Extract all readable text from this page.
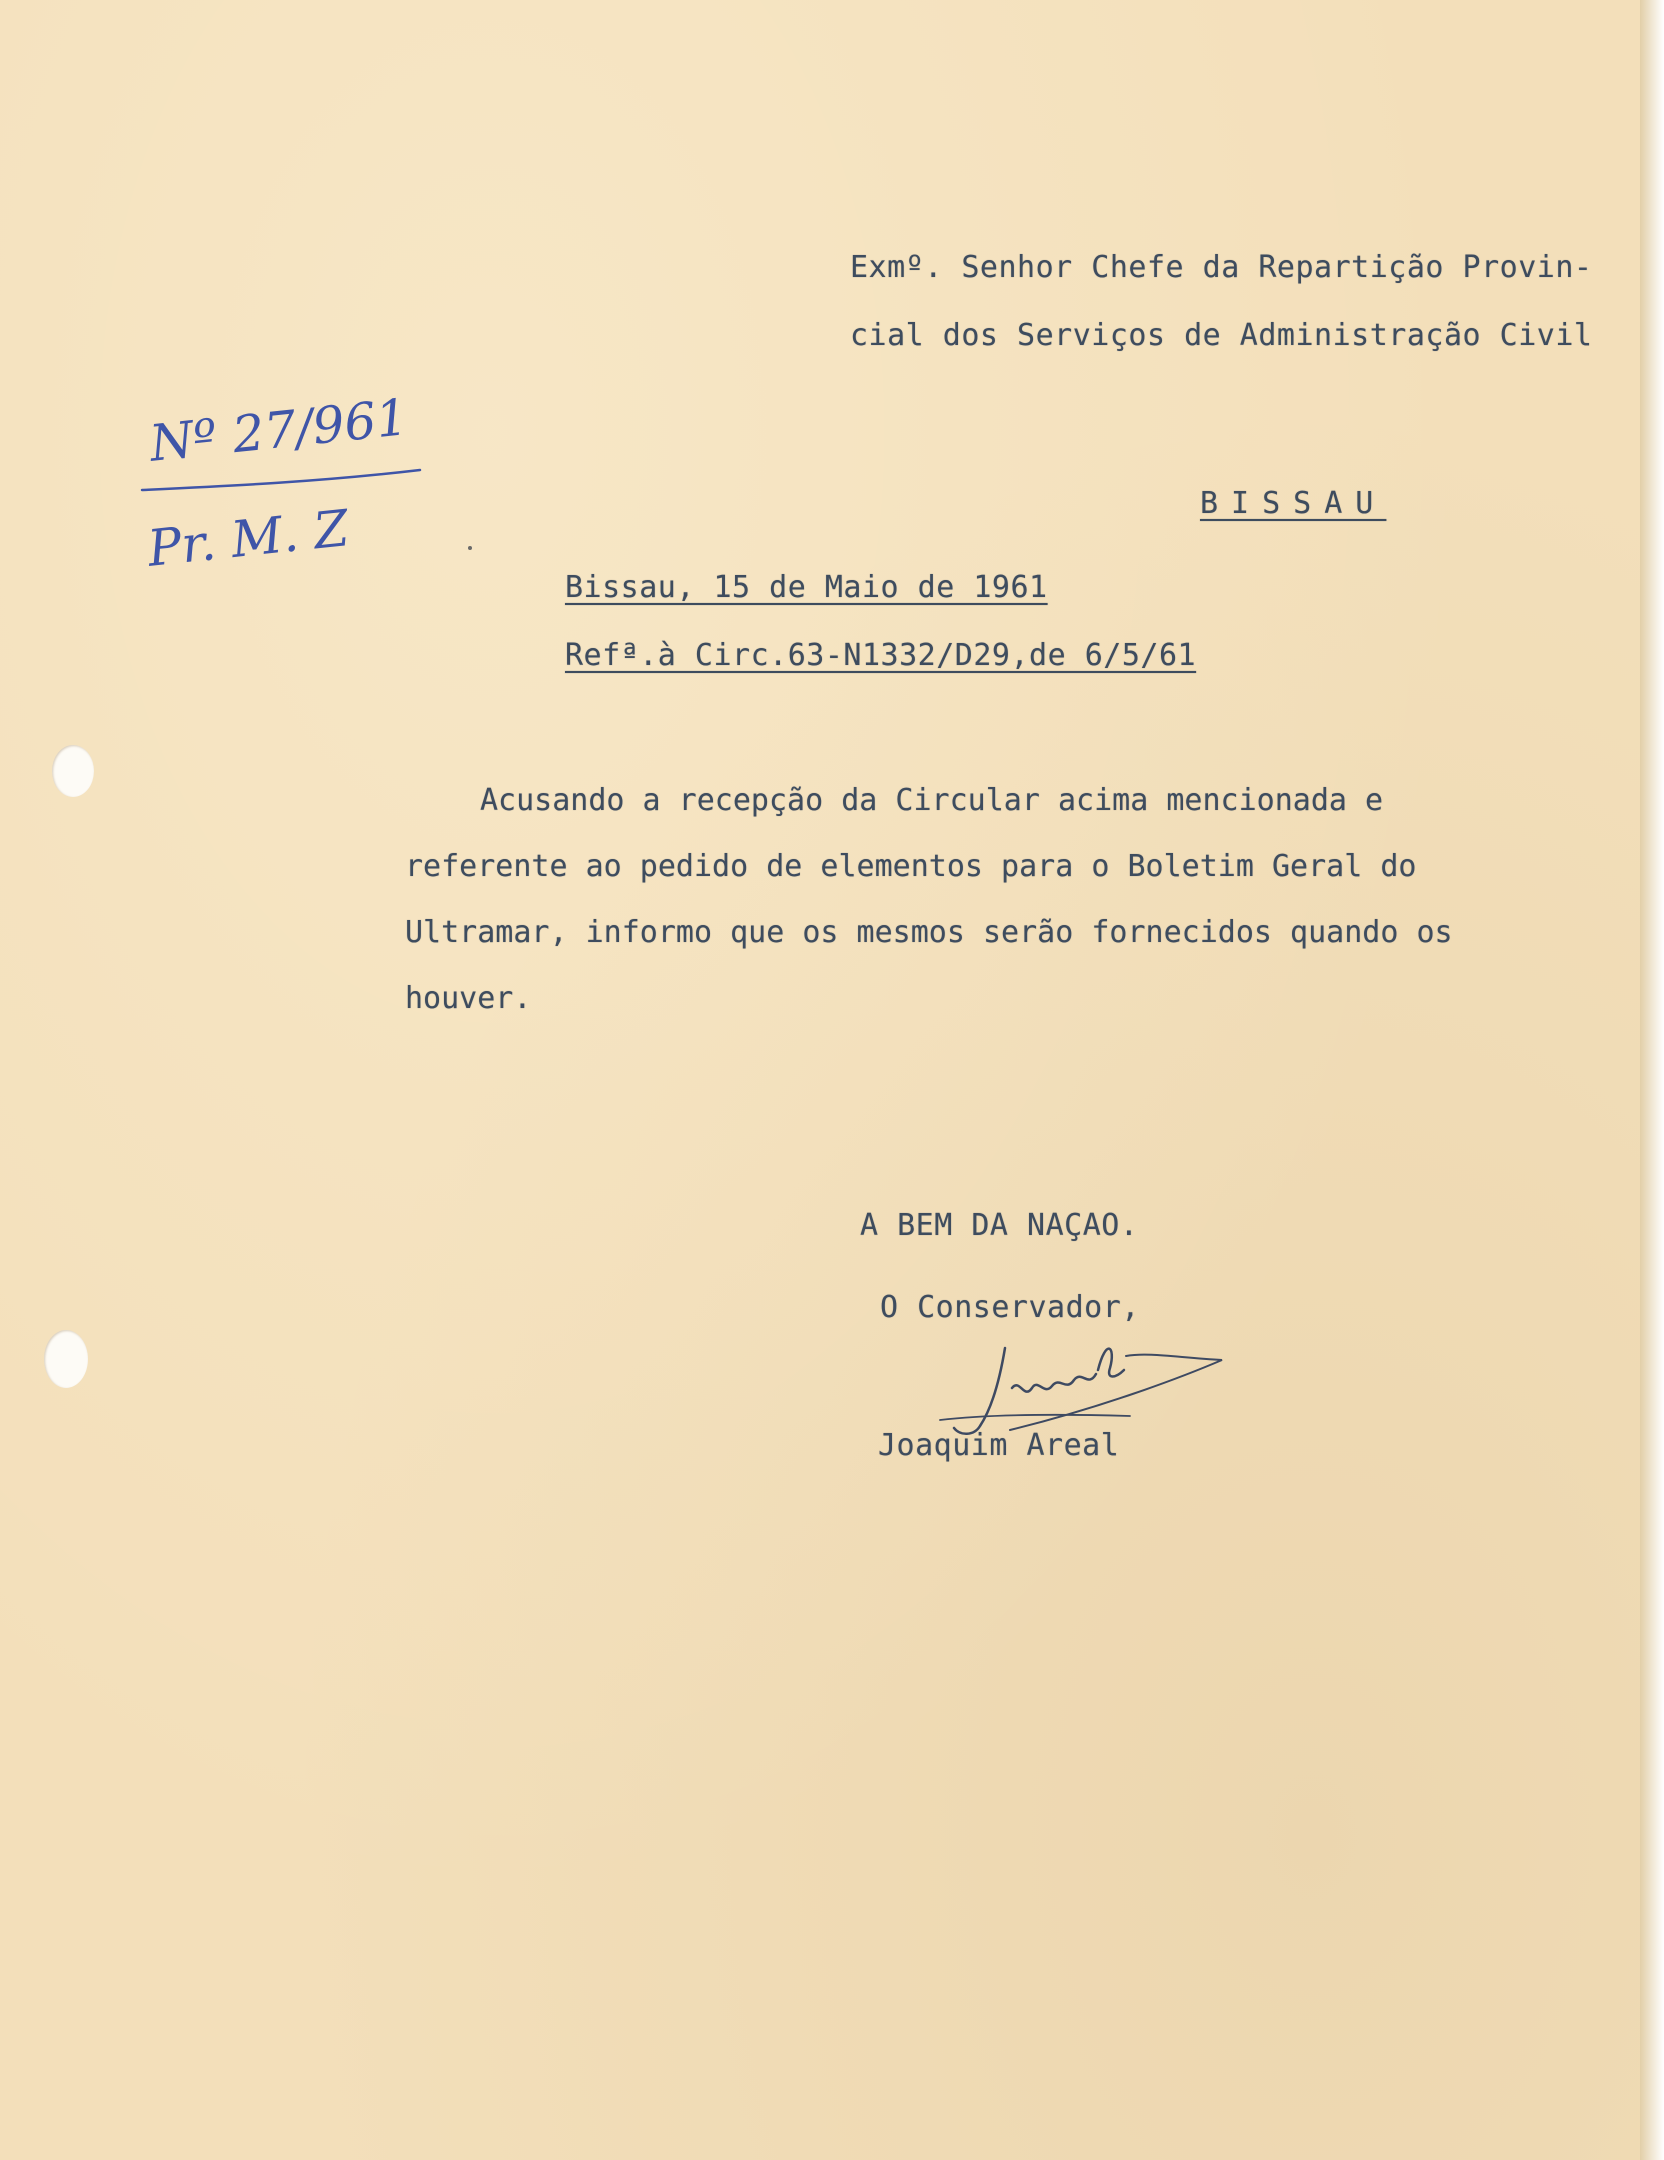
Exmº. Senhor Chefe da Repartição Provin-

cial dos Serviços de Administração Civil

BISSAU

Nº 27/961
Pr. M. Z

Bissau, 15 de Maio de 1961

Refª.à Circ.63-N1332/D29,de 6/5/61

Acusando a recepção da Circular acima mencionada e referente ao pedido de elementos para o Boletim Geral do Ultramar, informo que os mesmos serão fornecidos quando os houver.

A BEM DA NAÇAO.

O Conservador,

Joaquim Areal
